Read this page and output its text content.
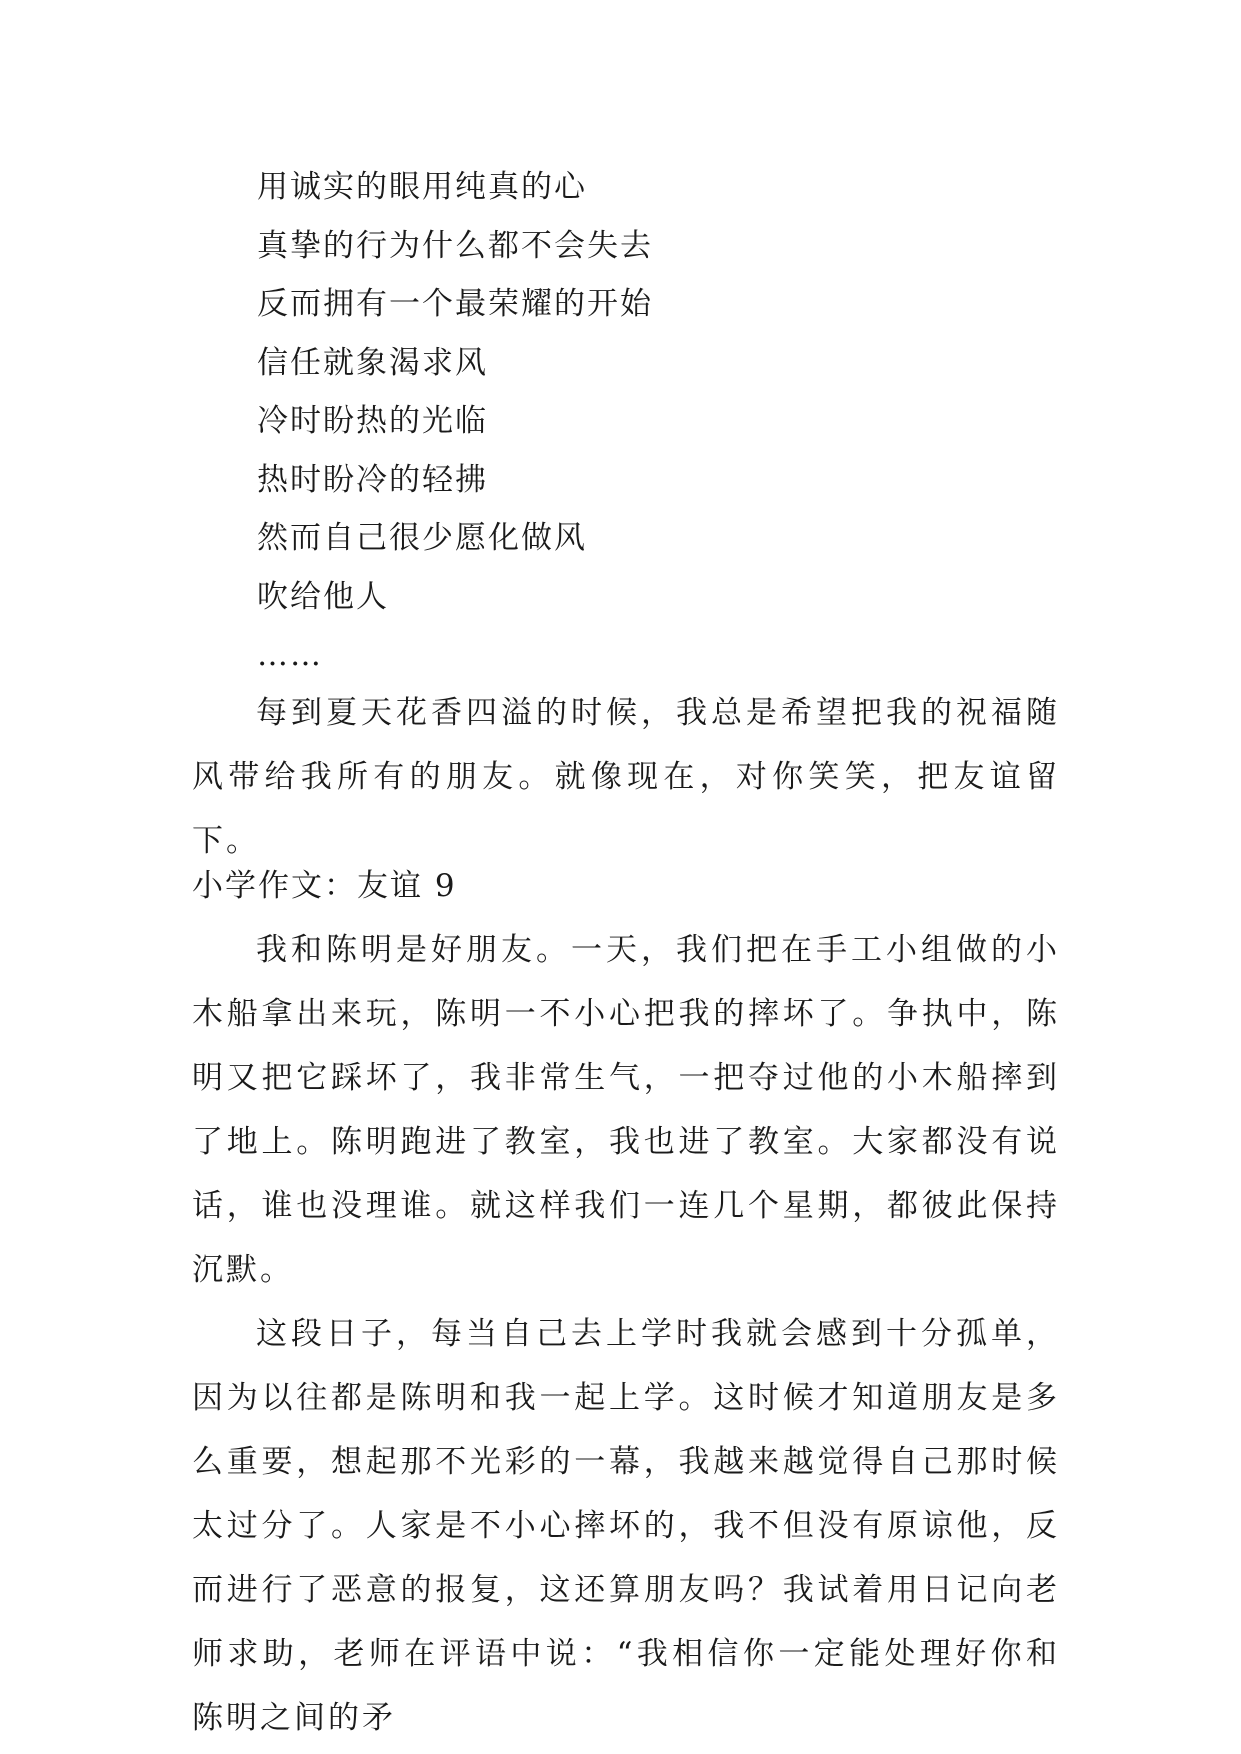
用诚实的眼用纯真的心
真挚的行为什么都不会失去
反而拥有一个最荣耀的开始
信任就象渴求风
冷时盼热的光临
热时盼冷的轻拂
然而自己很少愿化做风
吹给他人
……

每到夏天花香四溢的时候，我总是希望把我的祝福随风带给我所有的朋友。就像现在，对你笑笑，把友谊留下。

小学作文：友谊 9

我和陈明是好朋友。一天，我们把在手工小组做的小木船拿出来玩，陈明一不小心把我的摔坏了。争执中，陈明又把它踩坏了，我非常生气，一把夺过他的小木船摔到了地上。陈明跑进了教室，我也进了教室。大家都没有说话，谁也没理谁。就这样我们一连几个星期，都彼此保持沉默。

这段日子，每当自己去上学时我就会感到十分孤单，因为以往都是陈明和我一起上学。这时候才知道朋友是多么重要，想起那不光彩的一幕，我越来越觉得自己那时候太过分了。人家是不小心摔坏的，我不但没有原谅他，反而进行了恶意的报复，这还算朋友吗？我试着用日记向老师求助，老师在评语中说：“我相信你一定能处理好你和陈明之间的矛
